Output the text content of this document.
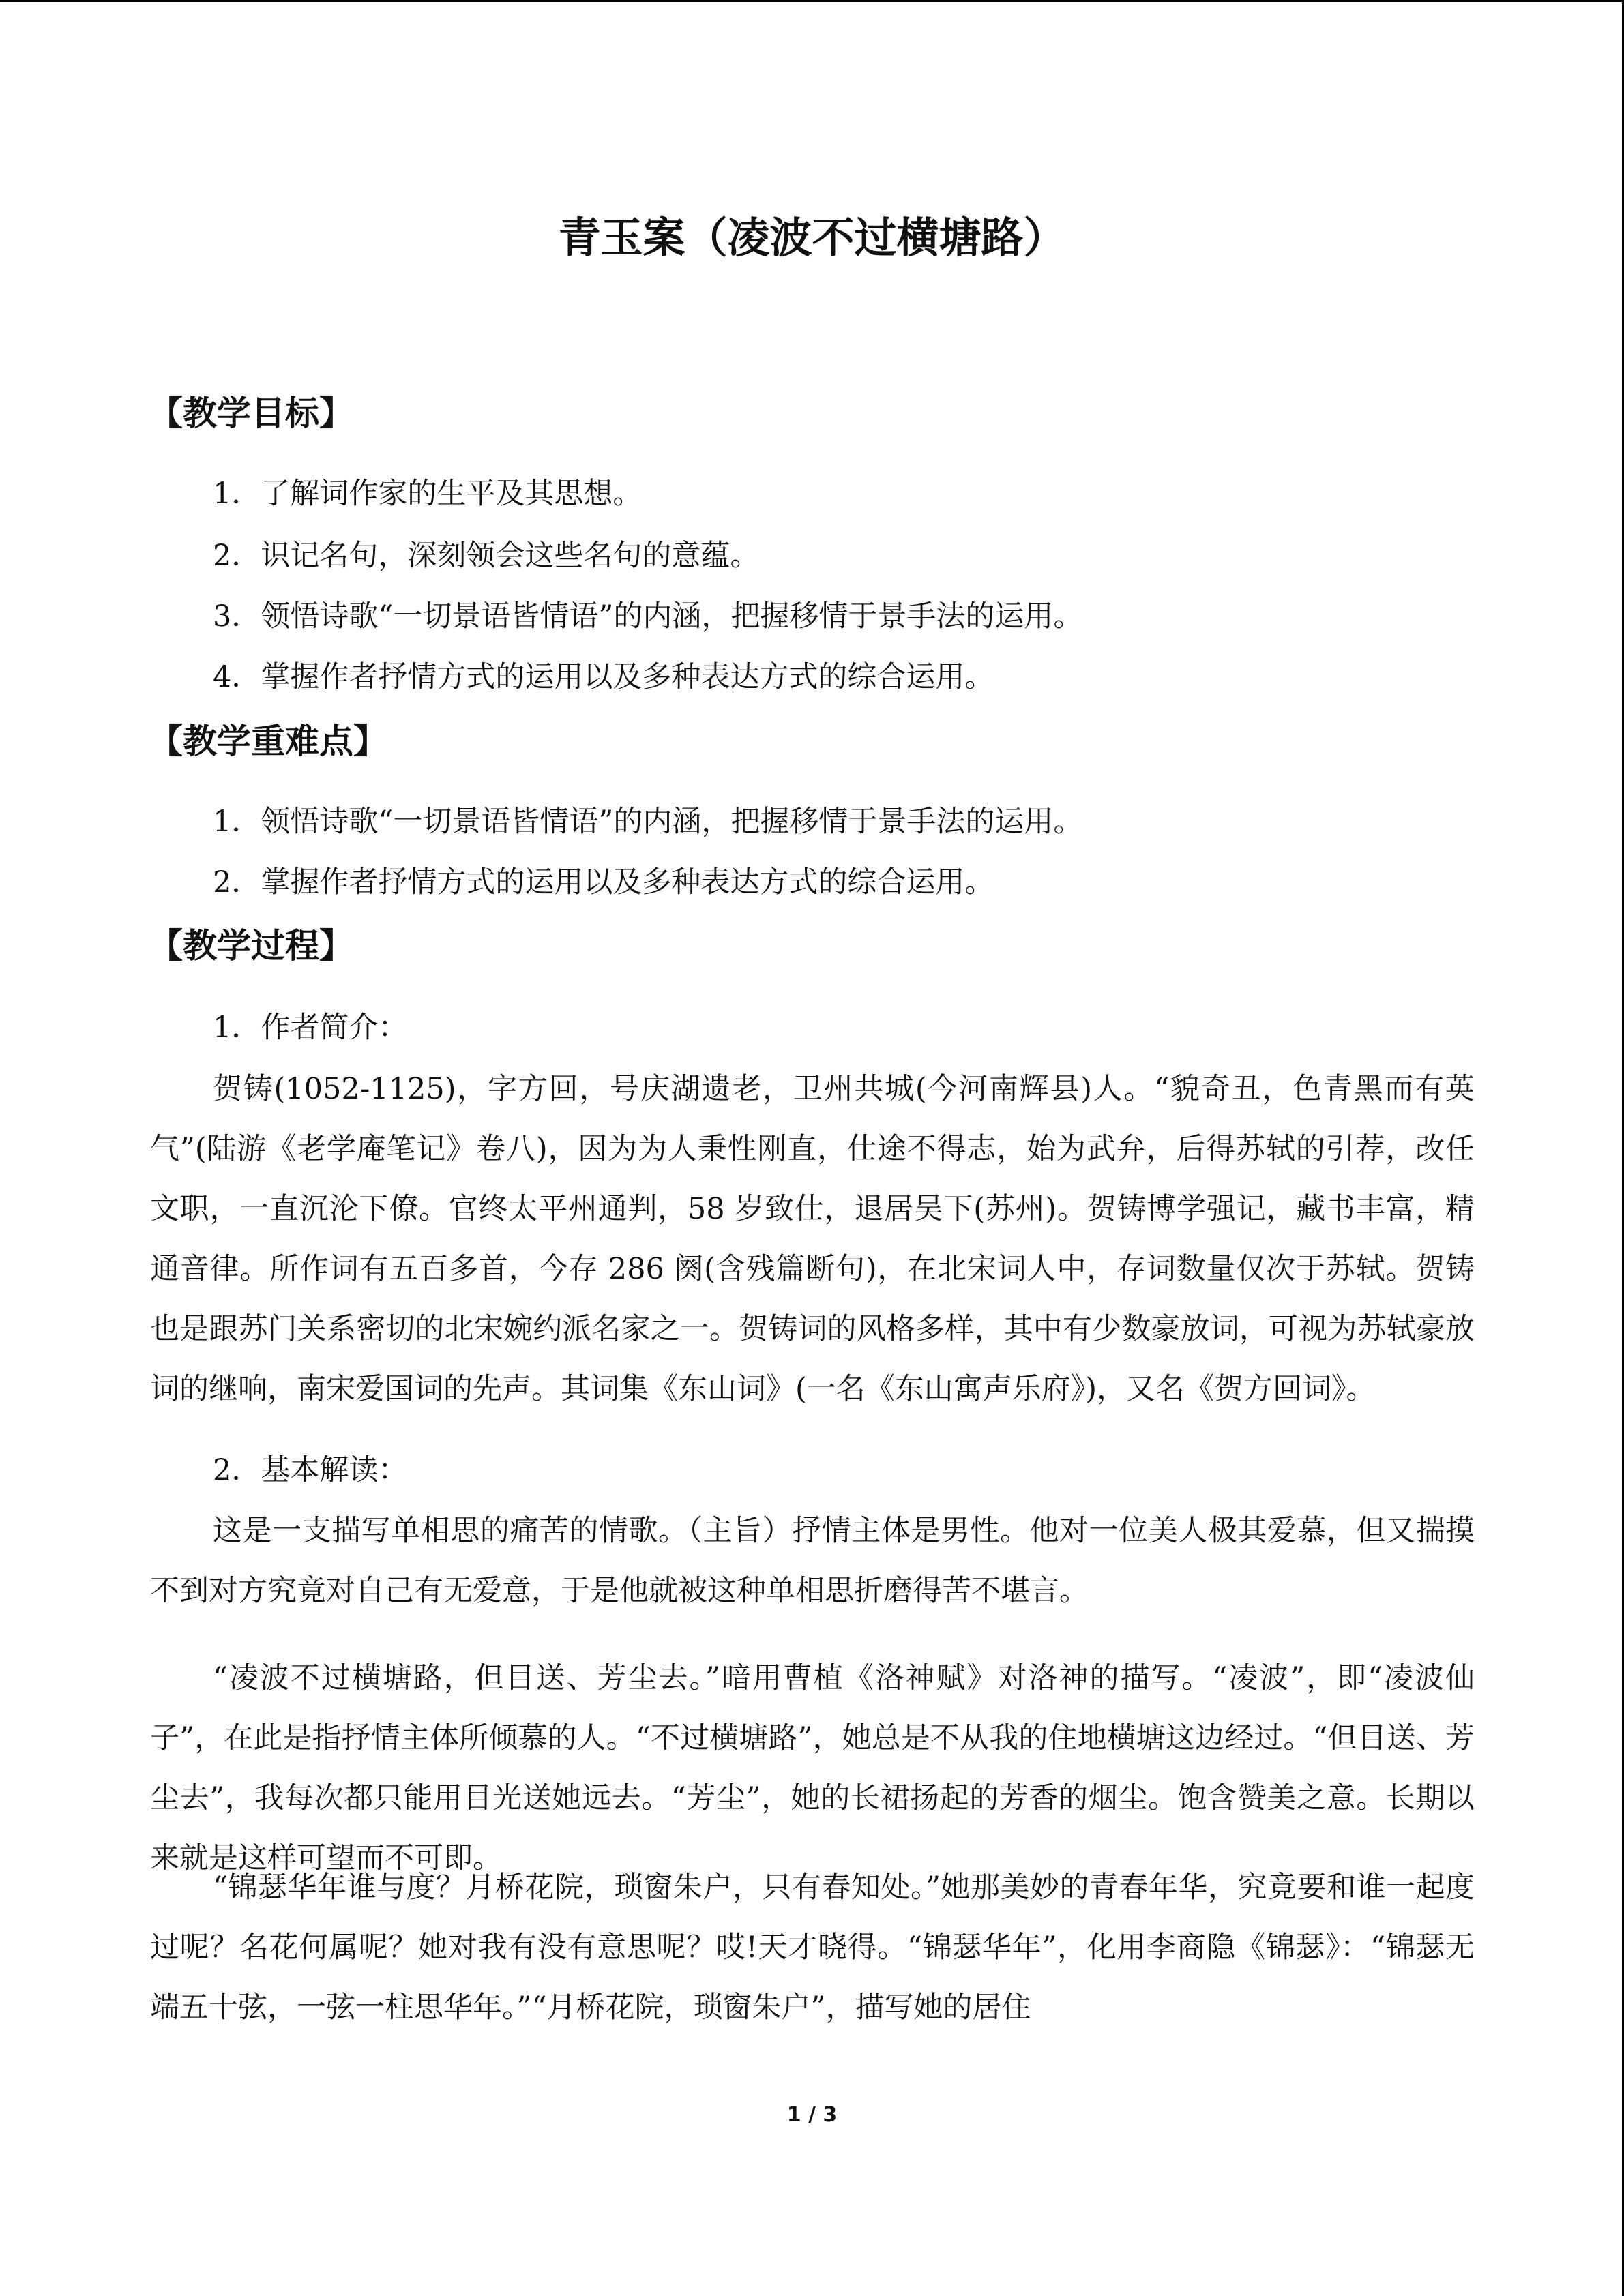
青玉案（凌波不过横塘路）
【教学目标】

1．了解词作家的生平及其思想。

2．识记名句，深刻领会这些名句的意蕴。

3．领悟诗歌“一切景语皆情语”的内涵，把握移情于景手法的运用。

4．掌握作者抒情方式的运用以及多种表达方式的综合运用。

【教学重难点】

1．领悟诗歌“一切景语皆情语”的内涵，把握移情于景手法的运用。

2．掌握作者抒情方式的运用以及多种表达方式的综合运用。

【教学过程】

1．作者简介：

贺铸(1052-1125)，字方回，号庆湖遗老，卫州共城(今河南辉县)人。“貌奇丑，色青黑而有英气”(陆游《老学庵笔记》卷八)，因为为人秉性刚直，仕途不得志，始为武弁，后得苏轼的引荐，改任文职，一直沉沦下僚。官终太平州通判，58 岁致仕，退居吴下(苏州)。贺铸博学强记，藏书丰富，精通音律。所作词有五百多首，今存 286 阕(含残篇断句)，在北宋词人中，存词数量仅次于苏轼。贺铸也是跟苏门关系密切的北宋婉约派名家之一。贺铸词的风格多样，其中有少数豪放词，可视为苏轼豪放词的继响，南宋爱国词的先声。其词集《东山词》(一名《东山寓声乐府》)，又名《贺方回词》。

2．基本解读：

这是一支描写单相思的痛苦的情歌。（主旨）抒情主体是男性。他对一位美人极其爱慕，但又揣摸不到对方究竟对自己有无爱意，于是他就被这种单相思折磨得苦不堪言。

“凌波不过横塘路，但目送、芳尘去。”暗用曹植《洛神赋》对洛神的描写。“凌波”，即“凌波仙子”，在此是指抒情主体所倾慕的人。“不过横塘路”，她总是不从我的住地横塘这边经过。“但目送、芳尘去”，我每次都只能用目光送她远去。“芳尘”，她的长裙扬起的芳香的烟尘。饱含赞美之意。长期以来就是这样可望而不可即。

“锦瑟华年谁与度？月桥花院，琐窗朱户，只有春知处。”她那美妙的青春年华，究竟要和谁一起度过呢？名花何属呢？她对我有没有意思呢？哎!天才晓得。“锦瑟华年”，化用李商隐《锦瑟》：“锦瑟无端五十弦，一弦一柱思华年。”“月桥花院，琐窗朱户”，描写她的居住

1 / 3
